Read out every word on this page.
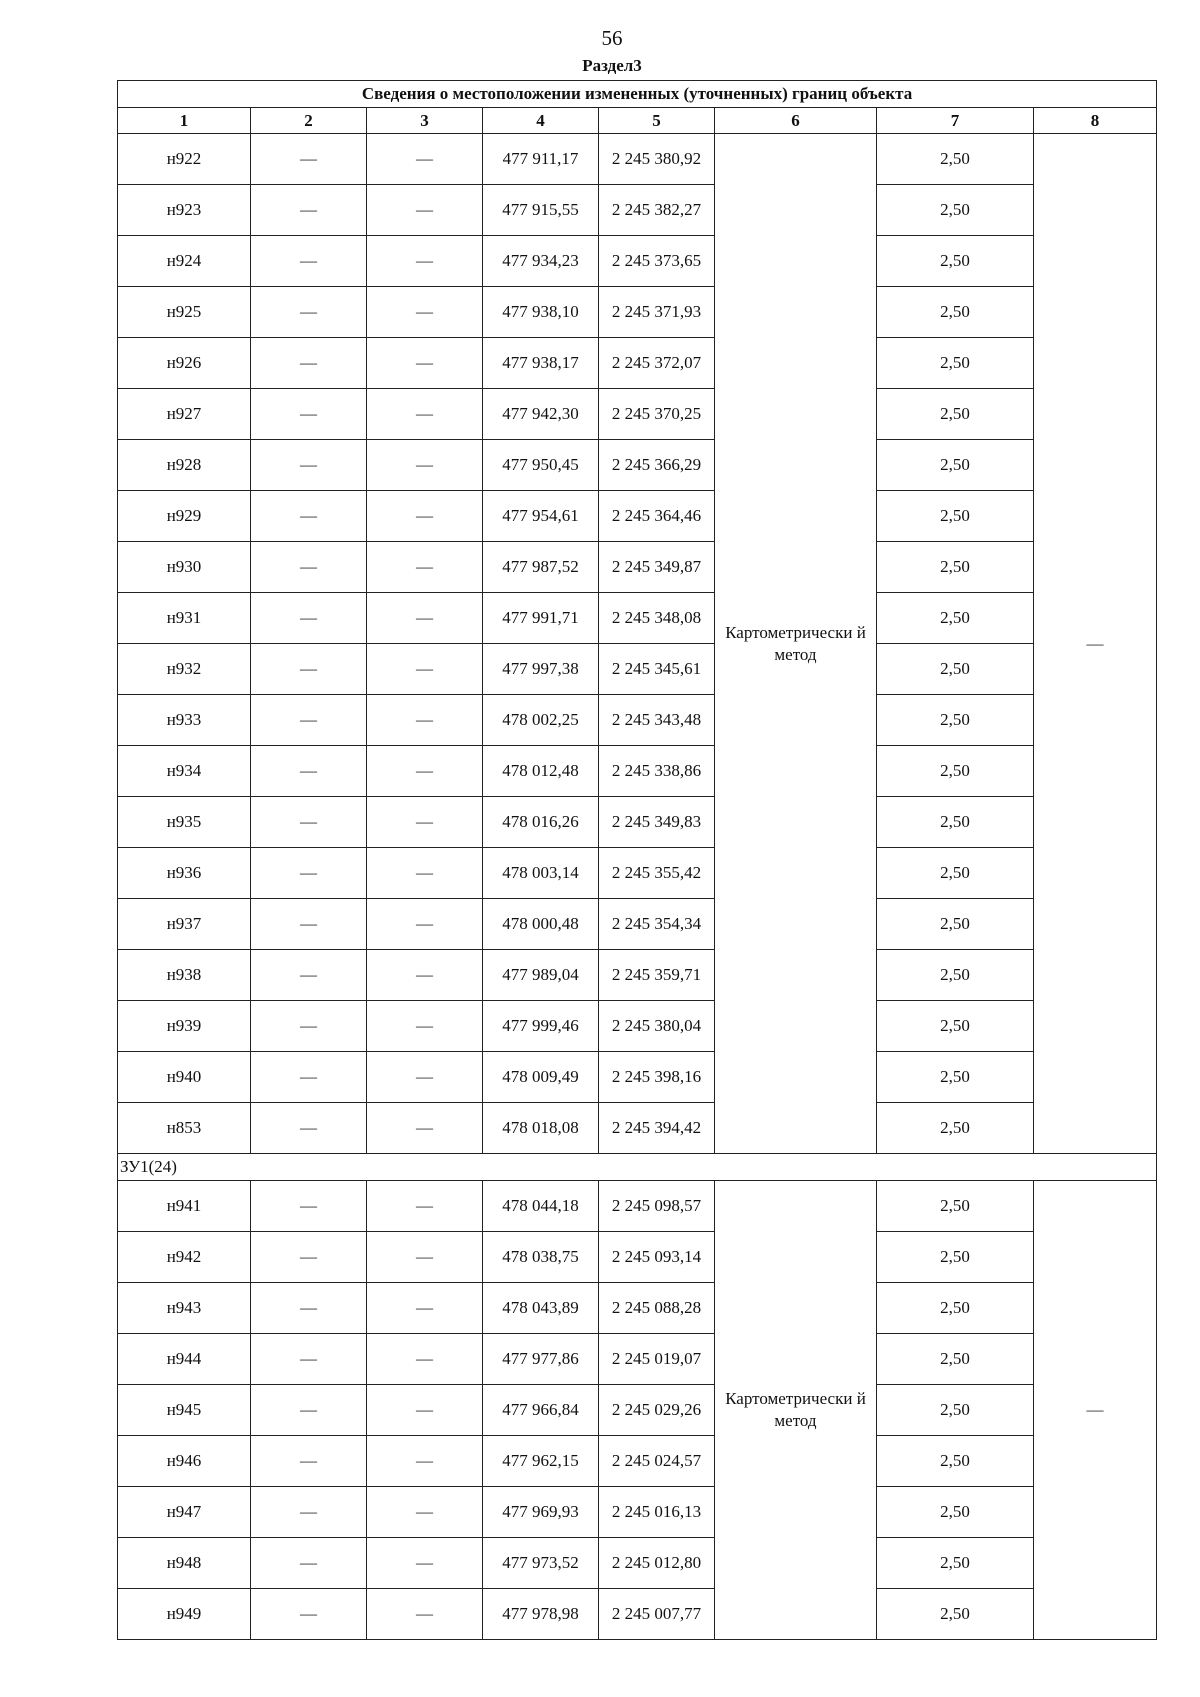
56
Раздел3
Сведения о местоположении измененных (уточненных) границ объекта							
1	2	3	4	5	6	7	8
н922	—	—	477 911,17	2 245 380,92	Картометрически й метод	2,50	—
н923	—	—	477 915,55	2 245 382,27		2,50	
н924	—	—	477 934,23	2 245 373,65		2,50	
н925	—	—	477 938,10	2 245 371,93		2,50	
н926	—	—	477 938,17	2 245 372,07		2,50	
н927	—	—	477 942,30	2 245 370,25		2,50	
н928	—	—	477 950,45	2 245 366,29		2,50	
н929	—	—	477 954,61	2 245 364,46		2,50	
н930	—	—	477 987,52	2 245 349,87		2,50	
н931	—	—	477 991,71	2 245 348,08		2,50	
н932	—	—	477 997,38	2 245 345,61		2,50	
н933	—	—	478 002,25	2 245 343,48		2,50	
н934	—	—	478 012,48	2 245 338,86		2,50	
н935	—	—	478 016,26	2 245 349,83		2,50	
н936	—	—	478 003,14	2 245 355,42		2,50	
н937	—	—	478 000,48	2 245 354,34		2,50	
н938	—	—	477 989,04	2 245 359,71		2,50	
н939	—	—	477 999,46	2 245 380,04		2,50	
н940	—	—	478 009,49	2 245 398,16		2,50	
н853	—	—	478 018,08	2 245 394,42		2,50	
ЗУ1(24)							
н941	—	—	478 044,18	2 245 098,57	Картометрически й метод	2,50	—
н942	—	—	478 038,75	2 245 093,14		2,50	
н943	—	—	478 043,89	2 245 088,28		2,50	
н944	—	—	477 977,86	2 245 019,07		2,50	
н945	—	—	477 966,84	2 245 029,26		2,50	
н946	—	—	477 962,15	2 245 024,57		2,50	
н947	—	—	477 969,93	2 245 016,13		2,50	
н948	—	—	477 973,52	2 245 012,80		2,50	
н949	—	—	477 978,98	2 245 007,77		2,50	
